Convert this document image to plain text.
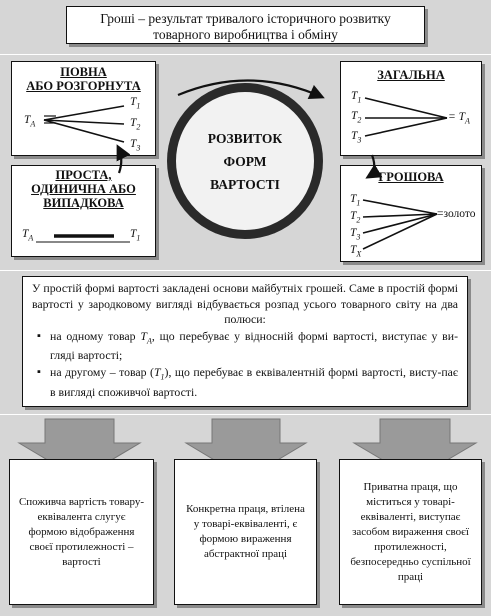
Гроші – результат тривалого історичного розвитку
товарного виробництва і обміну
ПОВНА
АБО РОЗГОРНУТА
$T_A$
$T_1$
$T_2$
$T_3$
ПРОСТА,
ОДИНИЧНА АБО
ВИПАДКОВА
$T_A$	$T_1$
ЗАГАЛЬНА
$T_1$
$T_2$
$T_3$
= $T_A$
ГРОШОВА
$T_1$
$T_2$
$T_3$
$T_X$
=золото
РОЗВИТОК
ФОРМ
ВАРТОСТІ
У простій формі вартості закладені основи майбутніх грошей. Саме в простій формі вартості у зародковому вигляді відбувається розпад усього товарного світу на два полюси:
▪ на одному товар $T_A$, що перебуває у відносній формі вартості, виступає у ви-гляді вартості;
▪ на другому – товар $(T_1)$, що перебуває в еквівалентній формі вартості, висту-пає в вигляді споживчої вартості.
Споживча вартість товару-еквівалента слугує формою відображення своєї протилежності – вартості
Конкретна праця, втілена у товарі-еквіваленті, є формою вираження абстрактної праці
Приватна праця, що міститься у товарі-еквіваленті, виступає засобом вираження своєї протилежності, безпосередньо суспільної праці
